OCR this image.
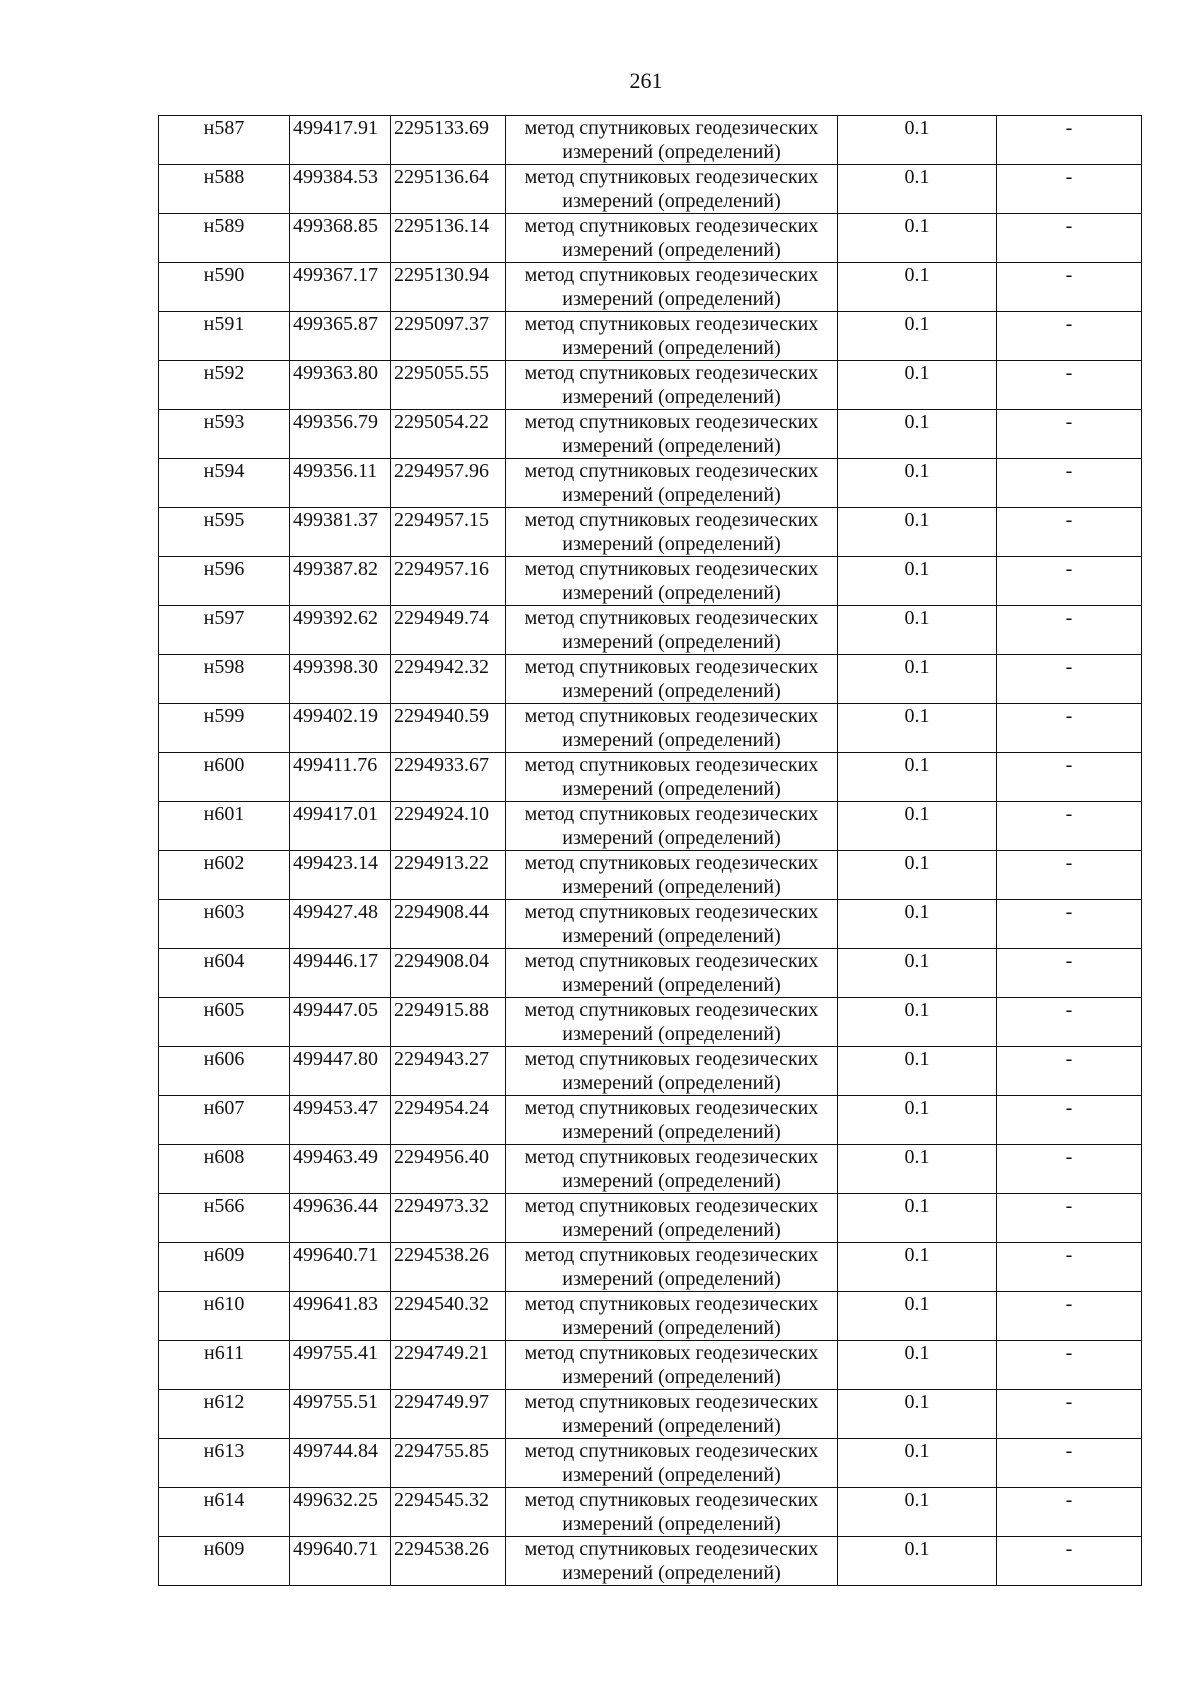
261
н587	499417.91	2295133.69	метод спутниковых геодезических измерений (определений)	0.1	-
н588	499384.53	2295136.64	метод спутниковых геодезических измерений (определений)	0.1	-
н589	499368.85	2295136.14	метод спутниковых геодезических измерений (определений)	0.1	-
н590	499367.17	2295130.94	метод спутниковых геодезических измерений (определений)	0.1	-
н591	499365.87	2295097.37	метод спутниковых геодезических измерений (определений)	0.1	-
н592	499363.80	2295055.55	метод спутниковых геодезических измерений (определений)	0.1	-
н593	499356.79	2295054.22	метод спутниковых геодезических измерений (определений)	0.1	-
н594	499356.11	2294957.96	метод спутниковых геодезических измерений (определений)	0.1	-
н595	499381.37	2294957.15	метод спутниковых геодезических измерений (определений)	0.1	-
н596	499387.82	2294957.16	метод спутниковых геодезических измерений (определений)	0.1	-
н597	499392.62	2294949.74	метод спутниковых геодезических измерений (определений)	0.1	-
н598	499398.30	2294942.32	метод спутниковых геодезических измерений (определений)	0.1	-
н599	499402.19	2294940.59	метод спутниковых геодезических измерений (определений)	0.1	-
н600	499411.76	2294933.67	метод спутниковых геодезических измерений (определений)	0.1	-
н601	499417.01	2294924.10	метод спутниковых геодезических измерений (определений)	0.1	-
н602	499423.14	2294913.22	метод спутниковых геодезических измерений (определений)	0.1	-
н603	499427.48	2294908.44	метод спутниковых геодезических измерений (определений)	0.1	-
н604	499446.17	2294908.04	метод спутниковых геодезических измерений (определений)	0.1	-
н605	499447.05	2294915.88	метод спутниковых геодезических измерений (определений)	0.1	-
н606	499447.80	2294943.27	метод спутниковых геодезических измерений (определений)	0.1	-
н607	499453.47	2294954.24	метод спутниковых геодезических измерений (определений)	0.1	-
н608	499463.49	2294956.40	метод спутниковых геодезических измерений (определений)	0.1	-
н566	499636.44	2294973.32	метод спутниковых геодезических измерений (определений)	0.1	-
н609	499640.71	2294538.26	метод спутниковых геодезических измерений (определений)	0.1	-
н610	499641.83	2294540.32	метод спутниковых геодезических измерений (определений)	0.1	-
н611	499755.41	2294749.21	метод спутниковых геодезических измерений (определений)	0.1	-
н612	499755.51	2294749.97	метод спутниковых геодезических измерений (определений)	0.1	-
н613	499744.84	2294755.85	метод спутниковых геодезических измерений (определений)	0.1	-
н614	499632.25	2294545.32	метод спутниковых геодезических измерений (определений)	0.1	-
н609	499640.71	2294538.26	метод спутниковых геодезических измерений (определений)	0.1	-
